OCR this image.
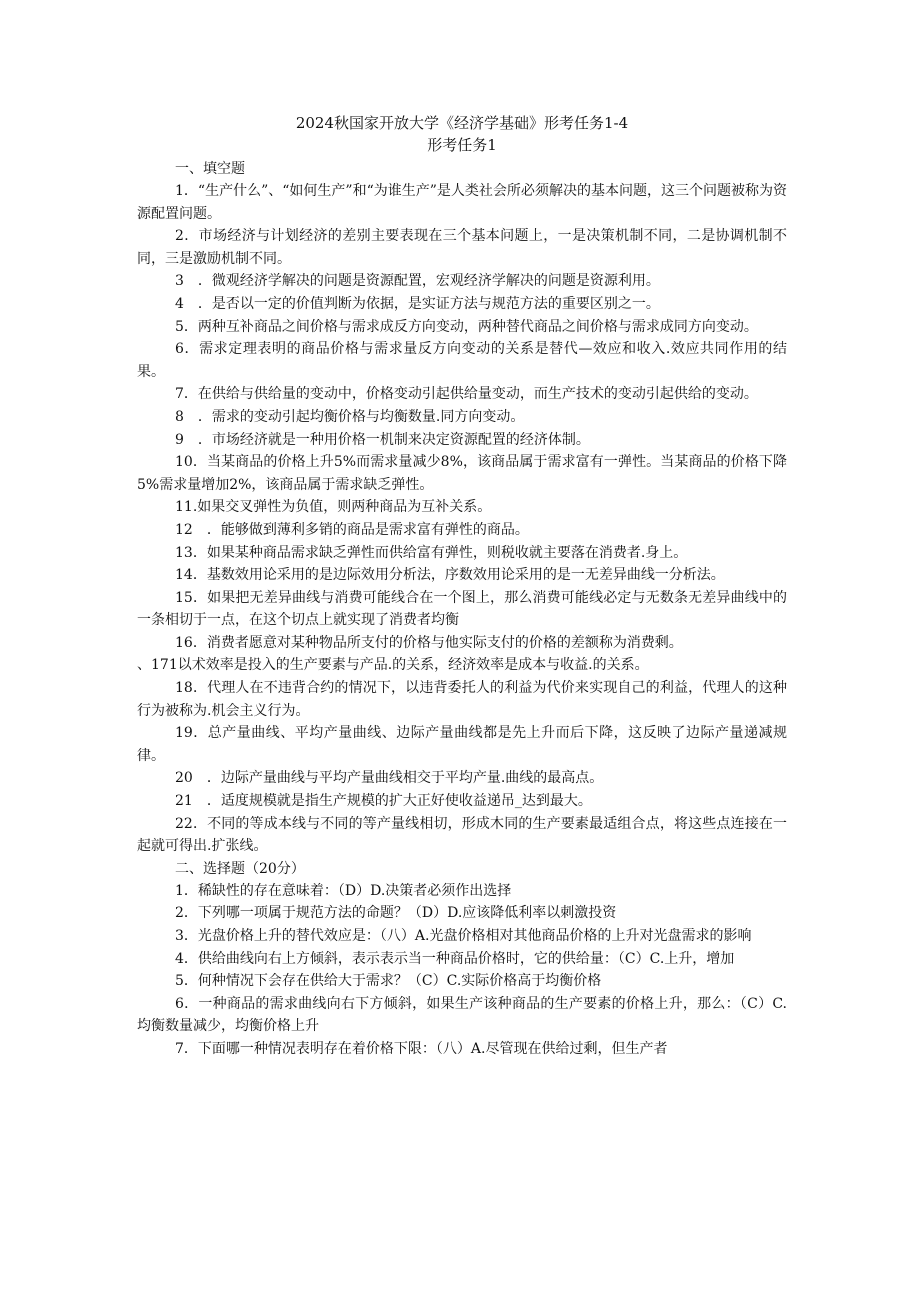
2024秋国家开放大学《经济学基础》形考任务1-4

形考任务1

一、填空题

1．“生产什么”、“如何生产”和“为谁生产”是人类社会所必须解决的基本问题，这三个问题被称为资源配置问题。

2．市场经济与计划经济的差别主要表现在三个基本问题上，一是决策机制不同，二是协调机制不同，三是激励机制不同。

3　．微观经济学解决的问题是资源配置，宏观经济学解决的问题是资源利用。

4　．是否以一定的价值判断为依据，是实证方法与规范方法的重要区别之一。

5．两种互补商品之间价格与需求成反方向变动，两种替代商品之间价格与需求成同方向变动。

6．需求定理表明的商品价格与需求量反方向变动的关系是替代—效应和收入.效应共同作用的结果。

7．在供给与供给量的变动中，价格变动引起供给量变动，而生产技术的变动引起供给的变动。

8　．需求的变动引起均衡价格与均衡数量.同方向变动。

9　．市场经济就是一种用价格一机制来决定资源配置的经济体制。

10．当某商品的价格上升5%而需求量减少8%，该商品属于需求富有一弹性。当某商品的价格下降5%需求量增加2%，该商品属于需求缺乏弹性。

11.如果交叉弹性为负值，则两种商品为互补关系。

12　．能够做到薄利多销的商品是需求富有弹性的商品。

13．如果某种商品需求缺乏弹性而供给富有弹性，则税收就主要落在消费者.身上。

14．基数效用论采用的是边际效用分析法，序数效用论采用的是一无差异曲线一分析法。

15．如果把无差异曲线与消费可能线合在一个图上，那么消费可能线必定与无数条无差异曲线中的一条相切于一点，在这个切点上就实现了消费者均衡

16．消费者愿意对某种物品所支付的价格与他实际支付的价格的差额称为消费剩。

、171以术效率是投入的生产要素与产品.的关系，经济效率是成本与收益.的关系。

18．代理人在不违背合约的情况下，以违背委托人的利益为代价来实现自己的利益，代理人的这种行为被称为.机会主义行为。

19．总产量曲线、平均产量曲线、边际产量曲线都是先上升而后下降，这反映了边际产量递减规律。

20　．边际产量曲线与平均产量曲线相交于平均产量.曲线的最高点。

21　．适度规模就是指生产规模的扩大正好使收益递吊_达到最大。

22．不同的等成本线与不同的等产量线相切，形成木同的生产要素最适组合点，将这些点连接在一起就可得出.扩张线。

二、选择题（20分）

1．稀缺性的存在意味着：（D）D.决策者必须作出选择

2．下列哪一项属于规范方法的命题？（D）D.应该降低利率以刺激投资

3．光盘价格上升的替代效应是：（八）A.光盘价格相对其他商品价格的上升对光盘需求的影响

4．供给曲线向右上方倾斜，表示表示当一种商品价格时，它的供给量：（C）C.上升，增加

5．何种情况下会存在供给大于需求？（C）C.实际价格高于均衡价格

6．一种商品的需求曲线向右下方倾斜，如果生产该种商品的生产要素的价格上升，那么：（C）C.均衡数量减少，均衡价格上升

7．下面哪一种情况表明存在着价格下限：（八）A.尽管现在供给过剩，但生产者
